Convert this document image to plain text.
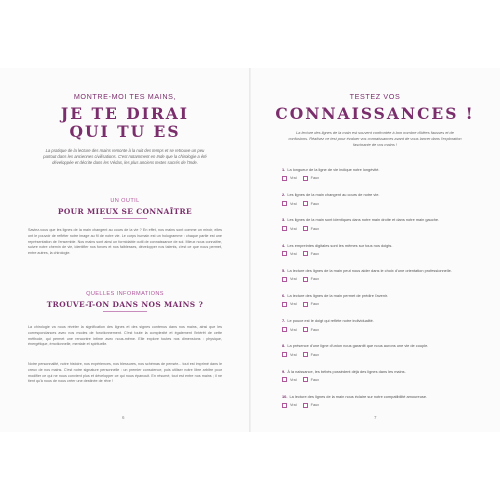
MONTRE-MOI TES MAINS,
JE TE DIRAI
QUI TU ES
La pratique de la lecture des mains remonte à la nuit des temps et se retrouve un peu partout dans les anciennes civilisations. C'est notamment en Inde que la chirologie a été développée et décrite dans les Védas, les plus anciens textes sacrés de l'Inde.
UN OUTIL
POUR MIEUX SE CONNAÎTRE
Saviez-vous que les lignes de la main changent au cours de la vie ? En effet, nos mains sont comme un miroir, elles ont le pouvoir de refléter notre image au fil de notre vie. Le corps humain est un hologramme : chaque partie est une représentation de l'ensemble. Nos mains sont ainsi un formidable outil de connaissance de soi. Mieux nous connaître, suivre notre chemin de vie, identifier nos forces et nos faiblesses, développer nos talents, c'est ce que nous permet, entre autres, la chirologie.
QUELLES INFORMATIONS
TROUVE-T-ON DANS NOS MAINS ?
La chirologie va nous révéler la signification des lignes et des signes contenus dans nos mains, ainsi que les correspondances avec nos modes de fonctionnement. C'est toute la complexité et également l'intérêt de cette méthode, qui permet une rencontre intime avec nous-même. Elle explore toutes nos dimensions : physique, énergétique, émotionnelle, mentale et spirituelle.
Notre personnalité, notre histoire, nos expériences, nos blessures, nos schémas de pensée... tout est imprimé dans le creux de nos mains. C'est notre signature personnelle : un premier conscience, puis utiliser notre libre arbitre pour modifier ce qui ne nous convient plus et développer ce qui nous épanouit. En résumé, tout est entre nos mains ; il ne tient qu'à nous de nous créer une destinée de rêve !
6
TESTEZ VOS
CONNAISSANCES !
La lecture des lignes de la main est souvent confrontée à bon nombre d'idées fausses et de confusions. Réalisez ce test pour évaluer vos connaissances avant de vous lancer dans l'exploration fascinante de vos mains !
1. La longueur de la ligne de vie indique notre longévité.
Vrai	Faux
2. Les lignes de la main changent au cours de notre vie.
Vrai	Faux
3. Les lignes de la main sont identiques dans notre main droite et dans notre main gauche.
Vrai	Faux
4. Les empreintes digitales sont les mêmes sur tous nos doigts.
Vrai	Faux
5. La lecture des lignes de la main peut nous aider dans le choix d'une orientation professionnelle.
Vrai	Faux
6. La lecture des lignes de la main permet de prédire l'avenir.
Vrai	Faux
7. Le pouce est le doigt qui reflète notre individualité.
Vrai	Faux
8. La présence d'une ligne d'union nous garantit que nous aurons une vie de couple.
Vrai	Faux
9. À la naissance, les bébés possèdent déjà des lignes dans les mains.
Vrai	Faux
10. La lecture des lignes de la main nous éclaire sur notre compatibilité amoureuse.
Vrai	Faux
7
